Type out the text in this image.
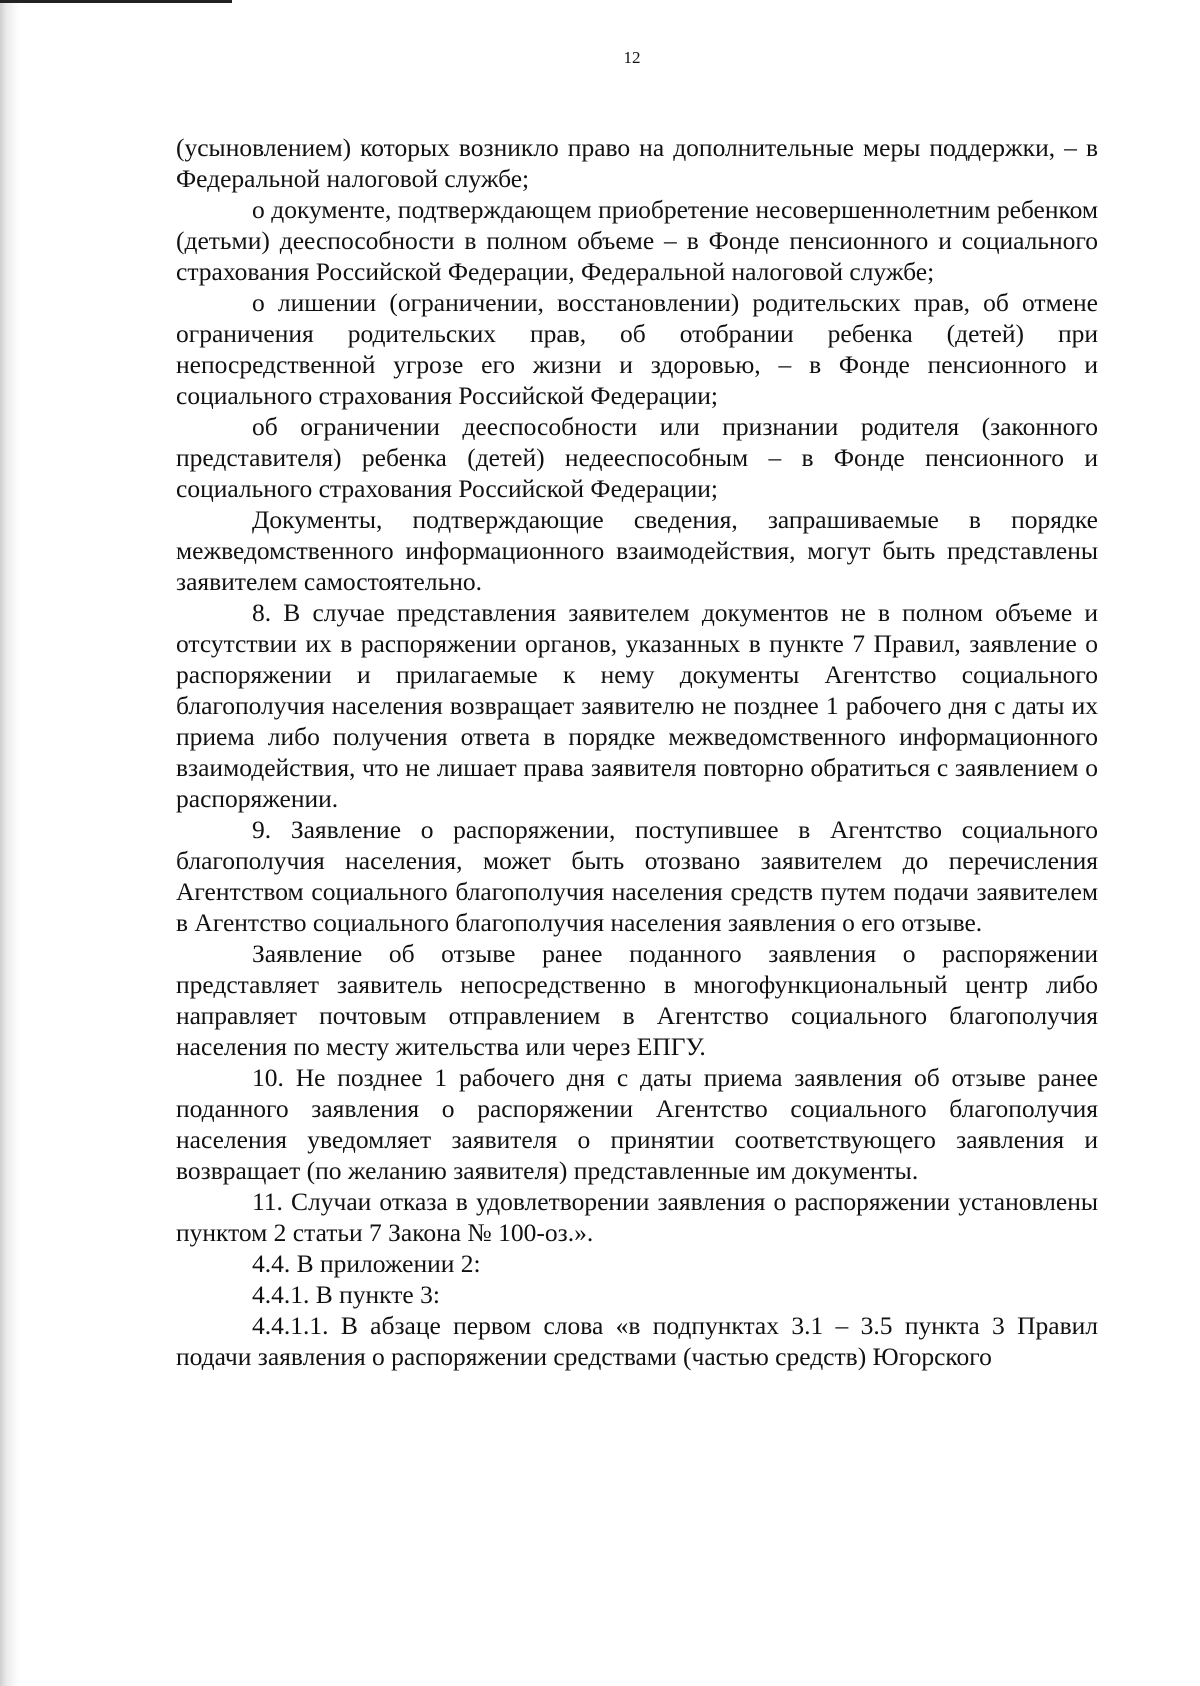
12

(усыновлением) которых возникло право на дополнительные меры поддержки, – в Федеральной налоговой службе;

о документе, подтверждающем приобретение несовершеннолетним ребенком (детьми) дееспособности в полном объеме – в Фонде пенсионного и социального страхования Российской Федерации, Федеральной налоговой службе;

о лишении (ограничении, восстановлении) родительских прав, об отмене ограничения родительских прав, об отобрании ребенка (детей) при непосредственной угрозе его жизни и здоровью, – в Фонде пенсионного и социального страхования Российской Федерации;

об ограничении дееспособности или признании родителя (законного представителя) ребенка (детей) недееспособным – в Фонде пенсионного и социального страхования Российской Федерации;

Документы, подтверждающие сведения, запрашиваемые в порядке межведомственного информационного взаимодействия, могут быть представлены заявителем самостоятельно.

8. В случае представления заявителем документов не в полном объеме и отсутствии их в распоряжении органов, указанных в пункте 7 Правил, заявление о распоряжении и прилагаемые к нему документы Агентство социального благополучия населения возвращает заявителю не позднее 1 рабочего дня с даты их приема либо получения ответа в порядке межведомственного информационного взаимодействия, что не лишает права заявителя повторно обратиться с заявлением о распоряжении.

9. Заявление о распоряжении, поступившее в Агентство социального благополучия населения, может быть отозвано заявителем до перечисления Агентством социального благополучия населения средств путем подачи заявителем в Агентство социального благополучия населения заявления о его отзыве.

Заявление об отзыве ранее поданного заявления о распоряжении представляет заявитель непосредственно в многофункциональный центр либо направляет почтовым отправлением в Агентство социального благополучия населения по месту жительства или через ЕПГУ.

10. Не позднее 1 рабочего дня с даты приема заявления об отзыве ранее поданного заявления о распоряжении Агентство социального благополучия населения уведомляет заявителя о принятии соответствующего заявления и возвращает (по желанию заявителя) представленные им документы.

11. Случаи отказа в удовлетворении заявления о распоряжении установлены пунктом 2 статьи 7 Закона № 100-оз.».

4.4. В приложении 2:

4.4.1. В пункте 3:

4.4.1.1. В абзаце первом слова «в подпунктах 3.1 – 3.5 пункта 3 Правил подачи заявления о распоряжении средствами (частью средств) Югорского
